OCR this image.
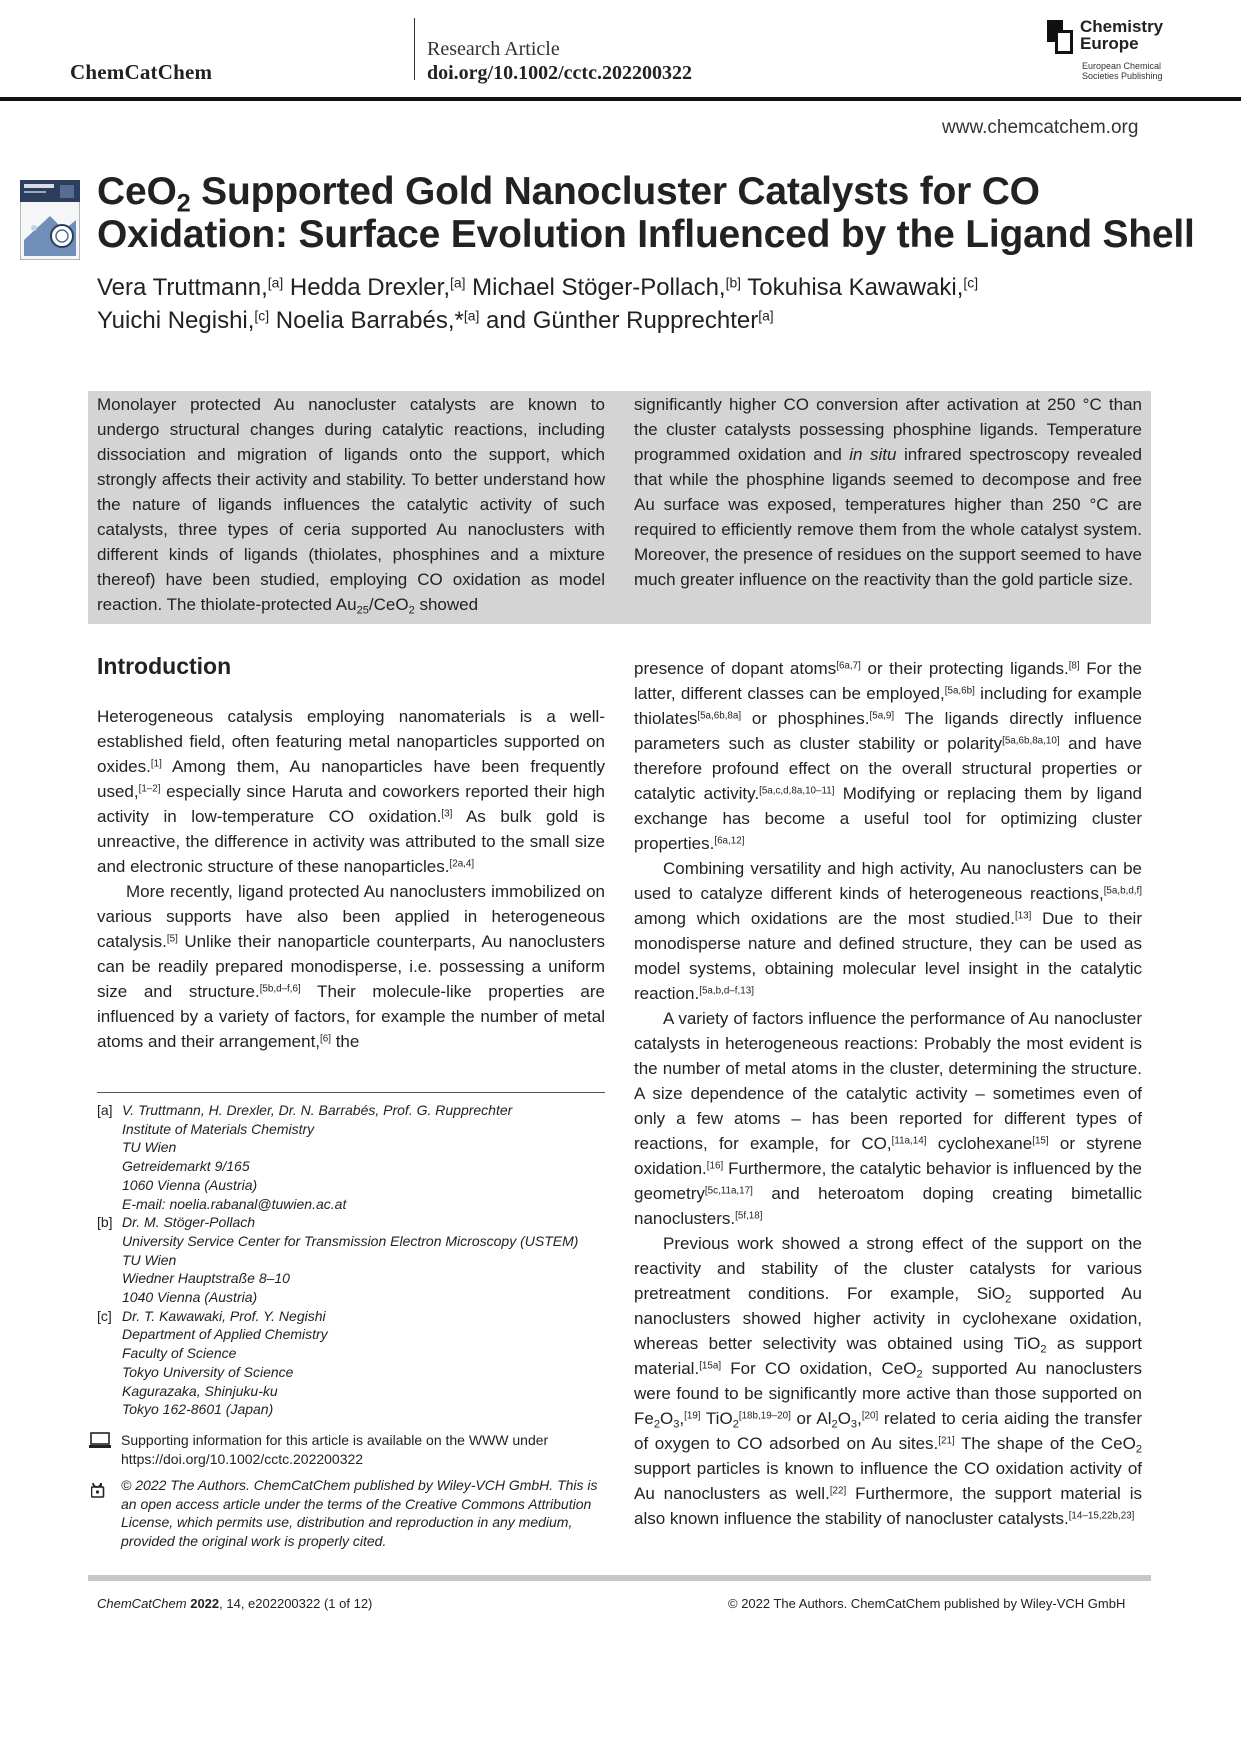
ChemCatChem
Research Article
doi.org/10.1002/cctc.202200322
Chemistry
Europe
European Chemical
Societies Publishing
www.chemcatchem.org
CeO$_2$ Supported Gold Nanocluster Catalysts for CO
Oxidation: Surface Evolution Influenced by the Ligand Shell
Vera Truttmann,[a] Hedda Drexler,[a] Michael Stöger-Pollach,[b] Tokuhisa Kawawaki,[c]
Yuichi Negishi,[c] Noelia Barrabés,*[a] and Günther Rupprechter[a]
Monolayer protected Au nanocluster catalysts are known to undergo structural changes during catalytic reactions, including dissociation and migration of ligands onto the support, which strongly affects their activity and stability. To better understand how the nature of ligands influences the catalytic activity of such catalysts, three types of ceria supported Au nanoclusters with different kinds of ligands (thiolates, phosphines and a mixture thereof) have been studied, employing CO oxidation as model reaction. The thiolate-protected $Au_{25}/CeO_2$ showed
significantly higher CO conversion after activation at 250 °C than the cluster catalysts possessing phosphine ligands. Temperature programmed oxidation and in situ infrared spectroscopy revealed that while the phosphine ligands seemed to decompose and free Au surface was exposed, temperatures higher than 250 °C are required to efficiently remove them from the whole catalyst system. Moreover, the presence of residues on the support seemed to have much greater influence on the reactivity than the gold particle size.
Introduction

Heterogeneous catalysis employing nanomaterials is a well-established field, often featuring metal nanoparticles supported on oxides.[1] Among them, Au nanoparticles have been frequently used,[1–2] especially since Haruta and coworkers reported their high activity in low-temperature CO oxidation.[3] As bulk gold is unreactive, the difference in activity was attributed to the small size and electronic structure of these nanoparticles.[2a,4]

More recently, ligand protected Au nanoclusters immobilized on various supports have also been applied in heterogeneous catalysis.[5] Unlike their nanoparticle counterparts, Au nanoclusters can be readily prepared monodisperse, i.e. possessing a uniform size and structure.[5b,d–f,6] Their molecule-like properties are influenced by a variety of factors, for example the number of metal atoms and their arrangement,[6] the

presence of dopant atoms[6a,7] or their protecting ligands.[8] For the latter, different classes can be employed,[5a,6b] including for example thiolates[5a,6b,8a] or phosphines.[5a,9] The ligands directly influence parameters such as cluster stability or polarity[5a,6b,8a,10] and have therefore profound effect on the overall structural properties or catalytic activity.[5a,c,d,8a,10–11] Modifying or replacing them by ligand exchange has become a useful tool for optimizing cluster properties.[6a,12]

Combining versatility and high activity, Au nanoclusters can be used to catalyze different kinds of heterogeneous reactions,[5a,b,d,f] among which oxidations are the most studied.[13] Due to their monodisperse nature and defined structure, they can be used as model systems, obtaining molecular level insight in the catalytic reaction.[5a,b,d–f,13]

A variety of factors influence the performance of Au nanocluster catalysts in heterogeneous reactions: Probably the most evident is the number of metal atoms in the cluster, determining the structure. A size dependence of the catalytic activity – sometimes even of only a few atoms – has been reported for different types of reactions, for example, for CO,[11a,14] cyclohexane[15] or styrene oxidation.[16] Furthermore, the catalytic behavior is influenced by the geometry[5c,11a,17] and heteroatom doping creating bimetallic nanoclusters.[5f,18]

Previous work showed a strong effect of the support on the reactivity and stability of the cluster catalysts for various pretreatment conditions. For example, SiO$_2$ supported Au nanoclusters showed higher activity in cyclohexane oxidation, whereas better selectivity was obtained using TiO$_2$ as support material.[15a] For CO oxidation, CeO$_2$ supported Au nanoclusters were found to be significantly more active than those supported on $Fe_2O_3,[19]$ TiO$_2$[18b,19–20] or $Al_2O_3,[20]$ related to ceria aiding the transfer of oxygen to CO adsorbed on Au sites.[21] The shape of the CeO$_2$ support particles is known to influence the CO oxidation activity of Au nanoclusters as well.[22] Furthermore, the support material is also known influence the stability of nanocluster catalysts.[14–15,22b,23]

[a] V. Truttmann, H. Drexler, Dr. N. Barrabés, Prof. G. Rupprechter
Institute of Materials Chemistry
TU Wien
Getreidemarkt 9/165
1060 Vienna (Austria)
E-mail: noelia.rabanal@tuwien.ac.at
[b] Dr. M. Stöger-Pollach
University Service Center for Transmission Electron Microscopy (USTEM)
TU Wien
Wiedner Hauptstraße 8–10
1040 Vienna (Austria)
[c] Dr. T. Kawawaki, Prof. Y. Negishi
Department of Applied Chemistry
Faculty of Science
Tokyo University of Science
Kagurazaka, Shinjuku-ku
Tokyo 162-8601 (Japan)
Supporting information for this article is available on the WWW under
https://doi.org/10.1002/cctc.202200322
© 2022 The Authors. ChemCatChem published by Wiley-VCH GmbH. This is an open access article under the terms of the Creative Commons Attribution License, which permits use, distribution and reproduction in any medium, provided the original work is properly cited.
ChemCatChem 2022, 14, e202200322 (1 of 12)	© 2022 The Authors. ChemCatChem published by Wiley-VCH GmbH
